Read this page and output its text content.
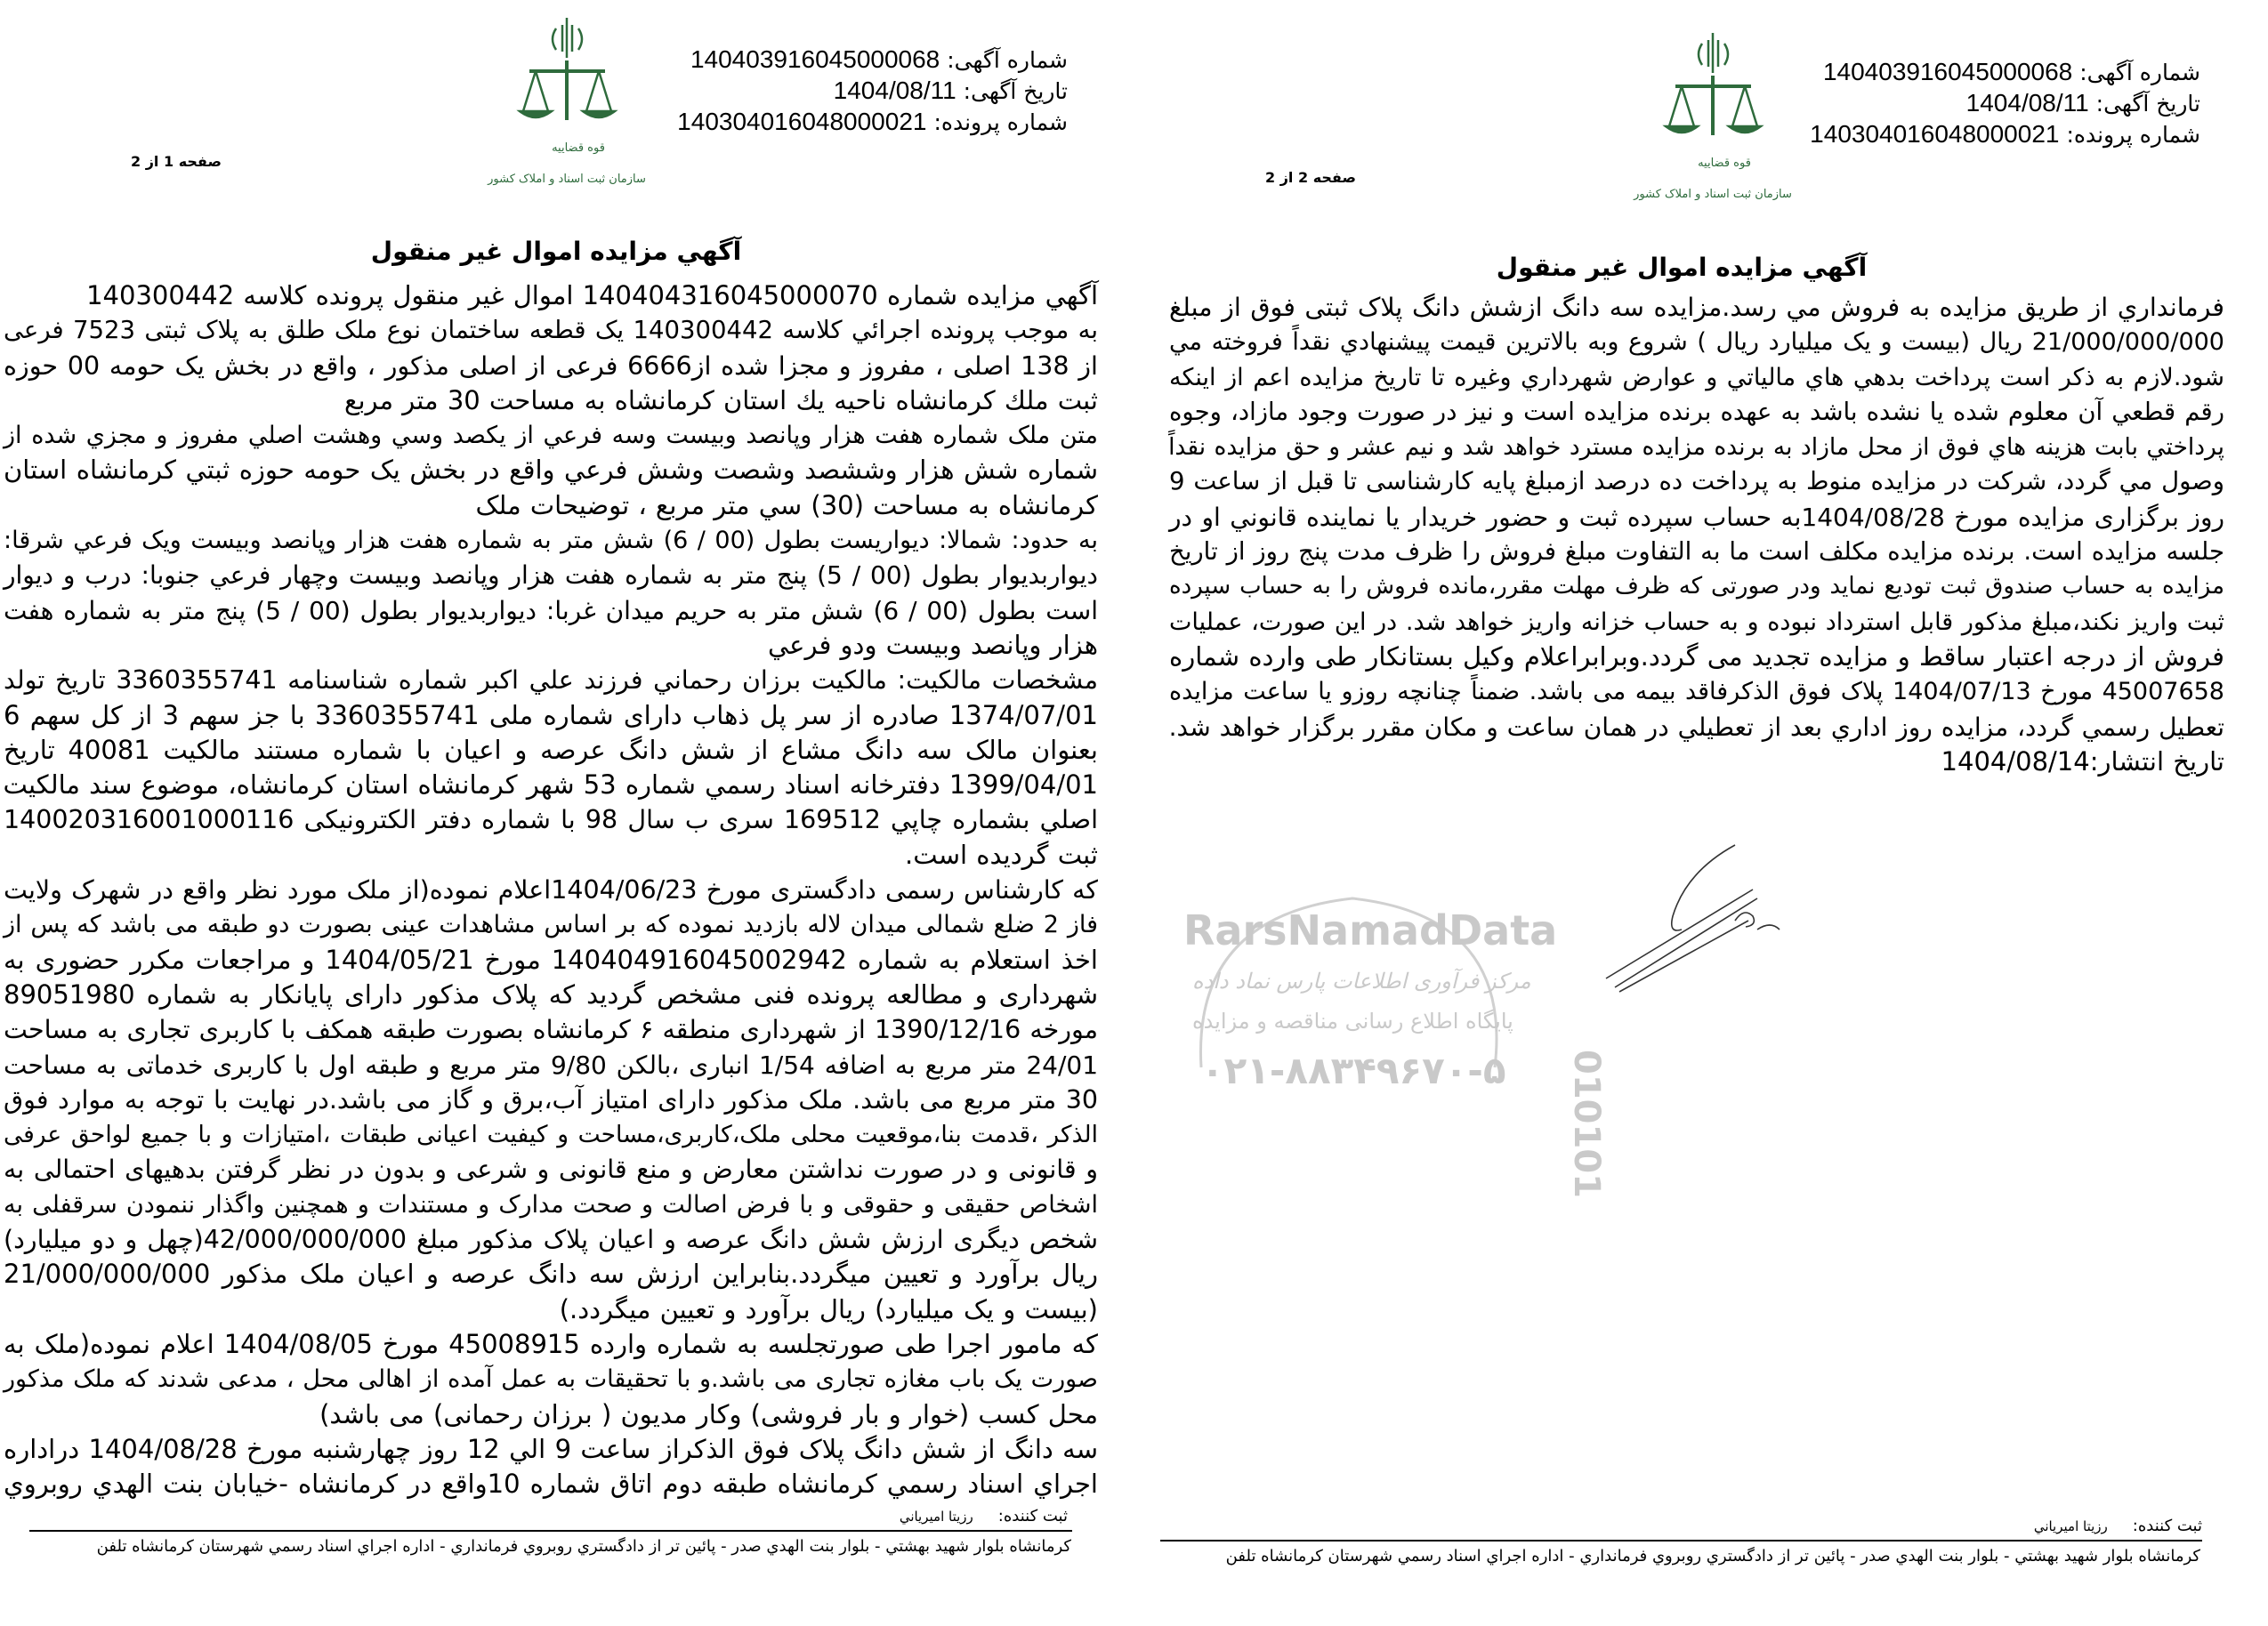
شماره آگهی: 140403916045000068
تاریخ آگهی: 1404/08/11
شماره پرونده: 140304016048000021
قوه قضاییه
سازمان ثبت اسناد و املاک کشور
صفحه 1 از 2
آگهي مزايده اموال غير منقول
آگهي مزايده شماره 140404316045000070 اموال غير منقول پرونده كلاسه 140300442
به موجب پرونده اجرائي كلاسه 140300442 یک قطعه ساختمان نوع ملک طلق به پلاک ثبتی 7523 فرعی
از 138 اصلی ، مفروز و مجزا شده از6666 فرعی از اصلی مذکور ، واقع در بخش یک حومه 00 حوزه
ثبت ملك كرمانشاه ناحيه يك استان كرمانشاه به مساحت 30 متر مربع
متن ملک شماره هفت هزار وپانصد وبيست وسه فرعي از يكصد وسي وهشت اصلي مفروز و مجزي شده از
شماره شش هزار وششصد وشصت وشش فرعي واقع در بخش يک حومه حوزه ثبتي كرمانشاه استان
كرمانشاه به مساحت (30) سي متر مربع ، توضيحات ملک
به حدود: شمالا: ديواريست بطول (00 / 6) شش متر به شماره هفت هزار وپانصد وبيست ويک فرعي شرقا:
ديواربديوار بطول (00 / 5) پنج متر به شماره هفت هزار وپانصد وبيست وچهار فرعي جنوبا: درب و ديوار
است بطول (00 / 6) شش متر به حريم ميدان غربا: ديواربديوار بطول (00 / 5) پنج متر به شماره هفت
هزار وپانصد وبيست ودو فرعي
مشخصات مالكيت: مالكيت برزان رحماني فرزند علي اكبر شماره شناسنامه 3360355741 تاريخ تولد
1374/07/01 صادره از سر پل ذهاب دارای شماره ملی 3360355741 با جز سهم 3 از کل سهم 6
بعنوان مالک سه دانگ مشاع از شش دانگ عرصه و اعیان با شماره مستند مالكيت 40081 تاريخ
1399/04/01 دفترخانه اسناد رسمي شماره 53 شهر كرمانشاه استان كرمانشاه، موضوع سند مالكيت
اصلي بشماره چاپي 169512 سری ب سال 98 با شماره دفتر الکترونیکی 140020316001000116
ثبت گرديده است.
که کارشناس رسمی دادگستری مورخ 1404/06/23اعلام نموده(از ملک مورد نظر واقع در شهرک ولایت
فاز 2 ضلع شمالی میدان لاله بازدید نموده که بر اساس مشاهدات عینی بصورت دو طبقه می باشد که پس از
اخذ استعلام به شماره 140404916045002942 مورخ 1404/05/21 و مراجعات مکرر حضوری به
شهرداری و مطالعه پرونده فنی مشخص گردید که پلاک مذکور دارای پایانکار به شماره 89051980
مورخه 1390/12/16 از شهرداری منطقه ۶ کرمانشاه بصورت طبقه همکف با کاربری تجاری به مساحت
24/01 متر مربع به اضافه 1/54 انباری ،بالکن 9/80 متر مربع و طبقه اول با کاربری خدماتی به مساحت
30 متر مربع می باشد. ملک مذکور دارای امتیاز آب،برق و گاز می باشد.در نهایت با توجه به موارد فوق
الذکر ،قدمت بنا،موقعیت محلی ملک،کاربری،مساحت و کیفیت اعیانی طبقات ،امتیازات و با جمیع لواحق عرفی
و قانونی و در صورت نداشتن معارض و منع قانونی و شرعی و بدون در نظر گرفتن بدهیهای احتمالی به
اشخاص حقیقی و حقوقی و با فرض اصالت و صحت مدارک و مستندات و همچنین واگذار ننمودن سرقفلی به
شخص دیگری ارزش شش دانگ عرصه و اعیان پلاک مذکور مبلغ 42/000/000/000(چهل و دو میلیارد)
ریال برآورد و تعیین میگردد.بنابراین ارزش سه دانگ عرصه و اعیان ملک مذکور 21/000/000/000
(بیست و یک میلیارد) ریال برآورد و تعیین میگردد.)
که مامور اجرا طی صورتجلسه به شماره وارده 45008915 مورخ 1404/08/05 اعلام نموده(ملک به
صورت یک باب مغازه تجاری می باشد.و با تحقیقات به عمل آمده از اهالی محل ، مدعی شدند که ملک مذکور
محل کسب (خوار و بار فروشی) وکار مدیون ( برزان رحمانی) می باشد)
سه دانگ از شش دانگ پلاک فوق الذكراز ساعت 9 الي 12 روز چهارشنبه مورخ 1404/08/28 دراداره
اجراي اسناد رسمي كرمانشاه طبقه دوم اتاق شماره 10واقع در كرمانشاه -خيابان بنت الهدي روبروي
ثبت کننده:رزيتا اميرياني
كرمانشاه بلوار شهيد بهشتي - بلوار بنت الهدي صدر - پائين تر از دادگستري روبروي فرمانداري - اداره اجراي اسناد رسمي شهرستان كرمانشاه تلفن
شماره آگهی: 140403916045000068
تاریخ آگهی: 1404/08/11
شماره پرونده: 140304016048000021
قوه قضاییه
سازمان ثبت اسناد و املاک کشور
صفحه 2 از 2
آگهي مزايده اموال غير منقول
فرمانداري از طريق مزايده به فروش مي رسد.مزايده سه دانگ ازشش دانگ پلاک ثبتی فوق از مبلغ
21/000/000/000 ريال (بیست و یک میلیارد ريال ) شروع وبه بالاترين قيمت پيشنهادي نقداً فروخته مي
شود.لازم به ذكر است پرداخت بدهي هاي مالياتي و عوارض شهرداري وغيره تا تاريخ مزايده اعم از اينكه
رقم قطعي آن معلوم شده يا نشده باشد به عهده برنده مزايده است و نيز در صورت وجود مازاد، وجوه
پرداختي بابت هزينه هاي فوق از محل مازاد به برنده مزايده مسترد خواهد شد و نيم عشر و حق مزايده نقداً
وصول مي گردد، شركت در مزايده منوط به پرداخت ده درصد ازمبلغ پايه كارشناسی تا قبل از ساعت 9
روز برگزاری مزايده مورخ 1404/08/28به حساب سپرده ثبت و حضور خريدار يا نماينده قانوني او در
جلسه مزايده است. برنده مزايده مكلف است ما به التفاوت مبلغ فروش را ظرف مدت پنج روز از تاريخ
مزايده به حساب صندوق ثبت توديع نمايد ودر صورتی كه ظرف مهلت مقرر،مانده فروش را به حساب سپرده
ثبت واريز نكند،مبلغ مذكور قابل استرداد نبوده و به حساب خزانه واريز خواهد شد. در اين صورت، عمليات
فروش از درجه اعتبار ساقط و مزايده تجديد می گردد.وبرابراعلام وكيل بستانكار طی وارده شماره
45007658 مورخ 1404/07/13 پلاک فوق الذكرفاقد بيمه می باشد. ضمناً چنانچه روزو يا ساعت مزايده
تعطيل رسمي گردد، مزايده روز اداري بعد از تعطيلي در همان ساعت و مكان مقرر برگزار خواهد شد.
تاريخ انتشار:1404/08/14
ثبت کننده:رزيتا اميرياني
كرمانشاه بلوار شهيد بهشتي - بلوار بنت الهدي صدر - پائين تر از دادگستري روبروي فرمانداري - اداره اجراي اسناد رسمي شهرستان كرمانشاه تلفن
RarsNamadData
مرکز فرآوری اطلاعات پارس نماد داده
پایگاه اطلاع رسانی مناقصه و مزایده
۰۲۱-۸۸۳۴۹۶۷۰-۵ 010101
